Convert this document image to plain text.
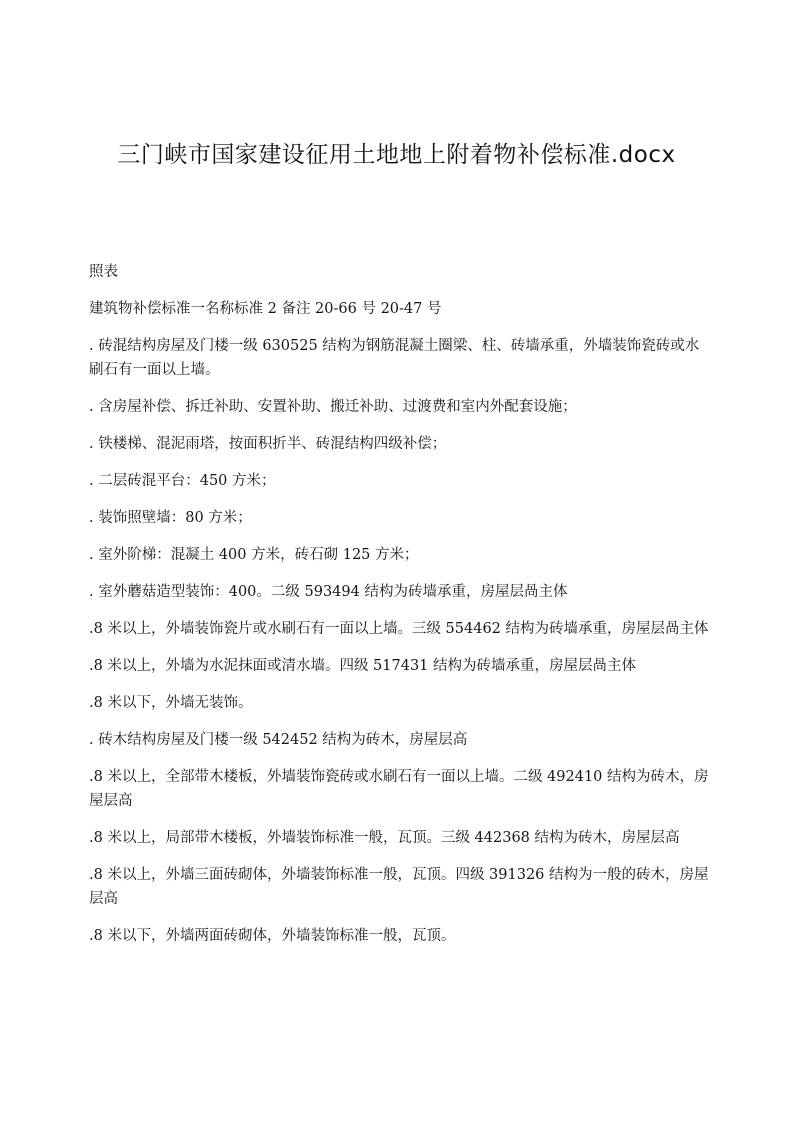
三门峡市国家建设征用土地地上附着物补偿标准.docx

照表

建筑物补偿标准一名称标准 2 备注 20-66 号 20-47 号

. 砖混结构房屋及门楼一级 630525 结构为钢筋混凝土圈梁、柱、砖墙承重，外墙装饰瓷砖或水刷石有一面以上墙。

. 含房屋补偿、拆迁补助、安置补助、搬迁补助、过渡费和室内外配套设施；

. 铁楼梯、混泥雨塔，按面积折半、砖混结构四级补偿；

. 二层砖混平台：450 方米；

. 装饰照壁墙：80 方米；

. 室外阶梯：混凝土 400 方米，砖石砌 125 方米；

. 室外蘑菇造型装饰：400。二级 593494 结构为砖墙承重，房屋层咼主体

.8 米以上，外墙装饰瓷片或水刷石有一面以上墙。三级 554462 结构为砖墙承重，房屋层咼主体

.8 米以上，外墙为水泥抹面或清水墙。四级 517431 结构为砖墙承重，房屋层咼主体

.8 米以下，外墙无装饰。

. 砖木结构房屋及门楼一级 542452 结构为砖木，房屋层高

.8 米以上，全部带木楼板，外墙装饰瓷砖或水刷石有一面以上墙。二级 492410 结构为砖木，房屋层高

.8 米以上，局部带木楼板，外墙装饰标准一般，瓦顶。三级 442368 结构为砖木，房屋层高

.8 米以上，外墙三面砖砌体，外墙装饰标准一般，瓦顶。四级 391326 结构为一般的砖木，房屋层高

.8 米以下，外墙两面砖砌体，外墙装饰标准一般，瓦顶。
